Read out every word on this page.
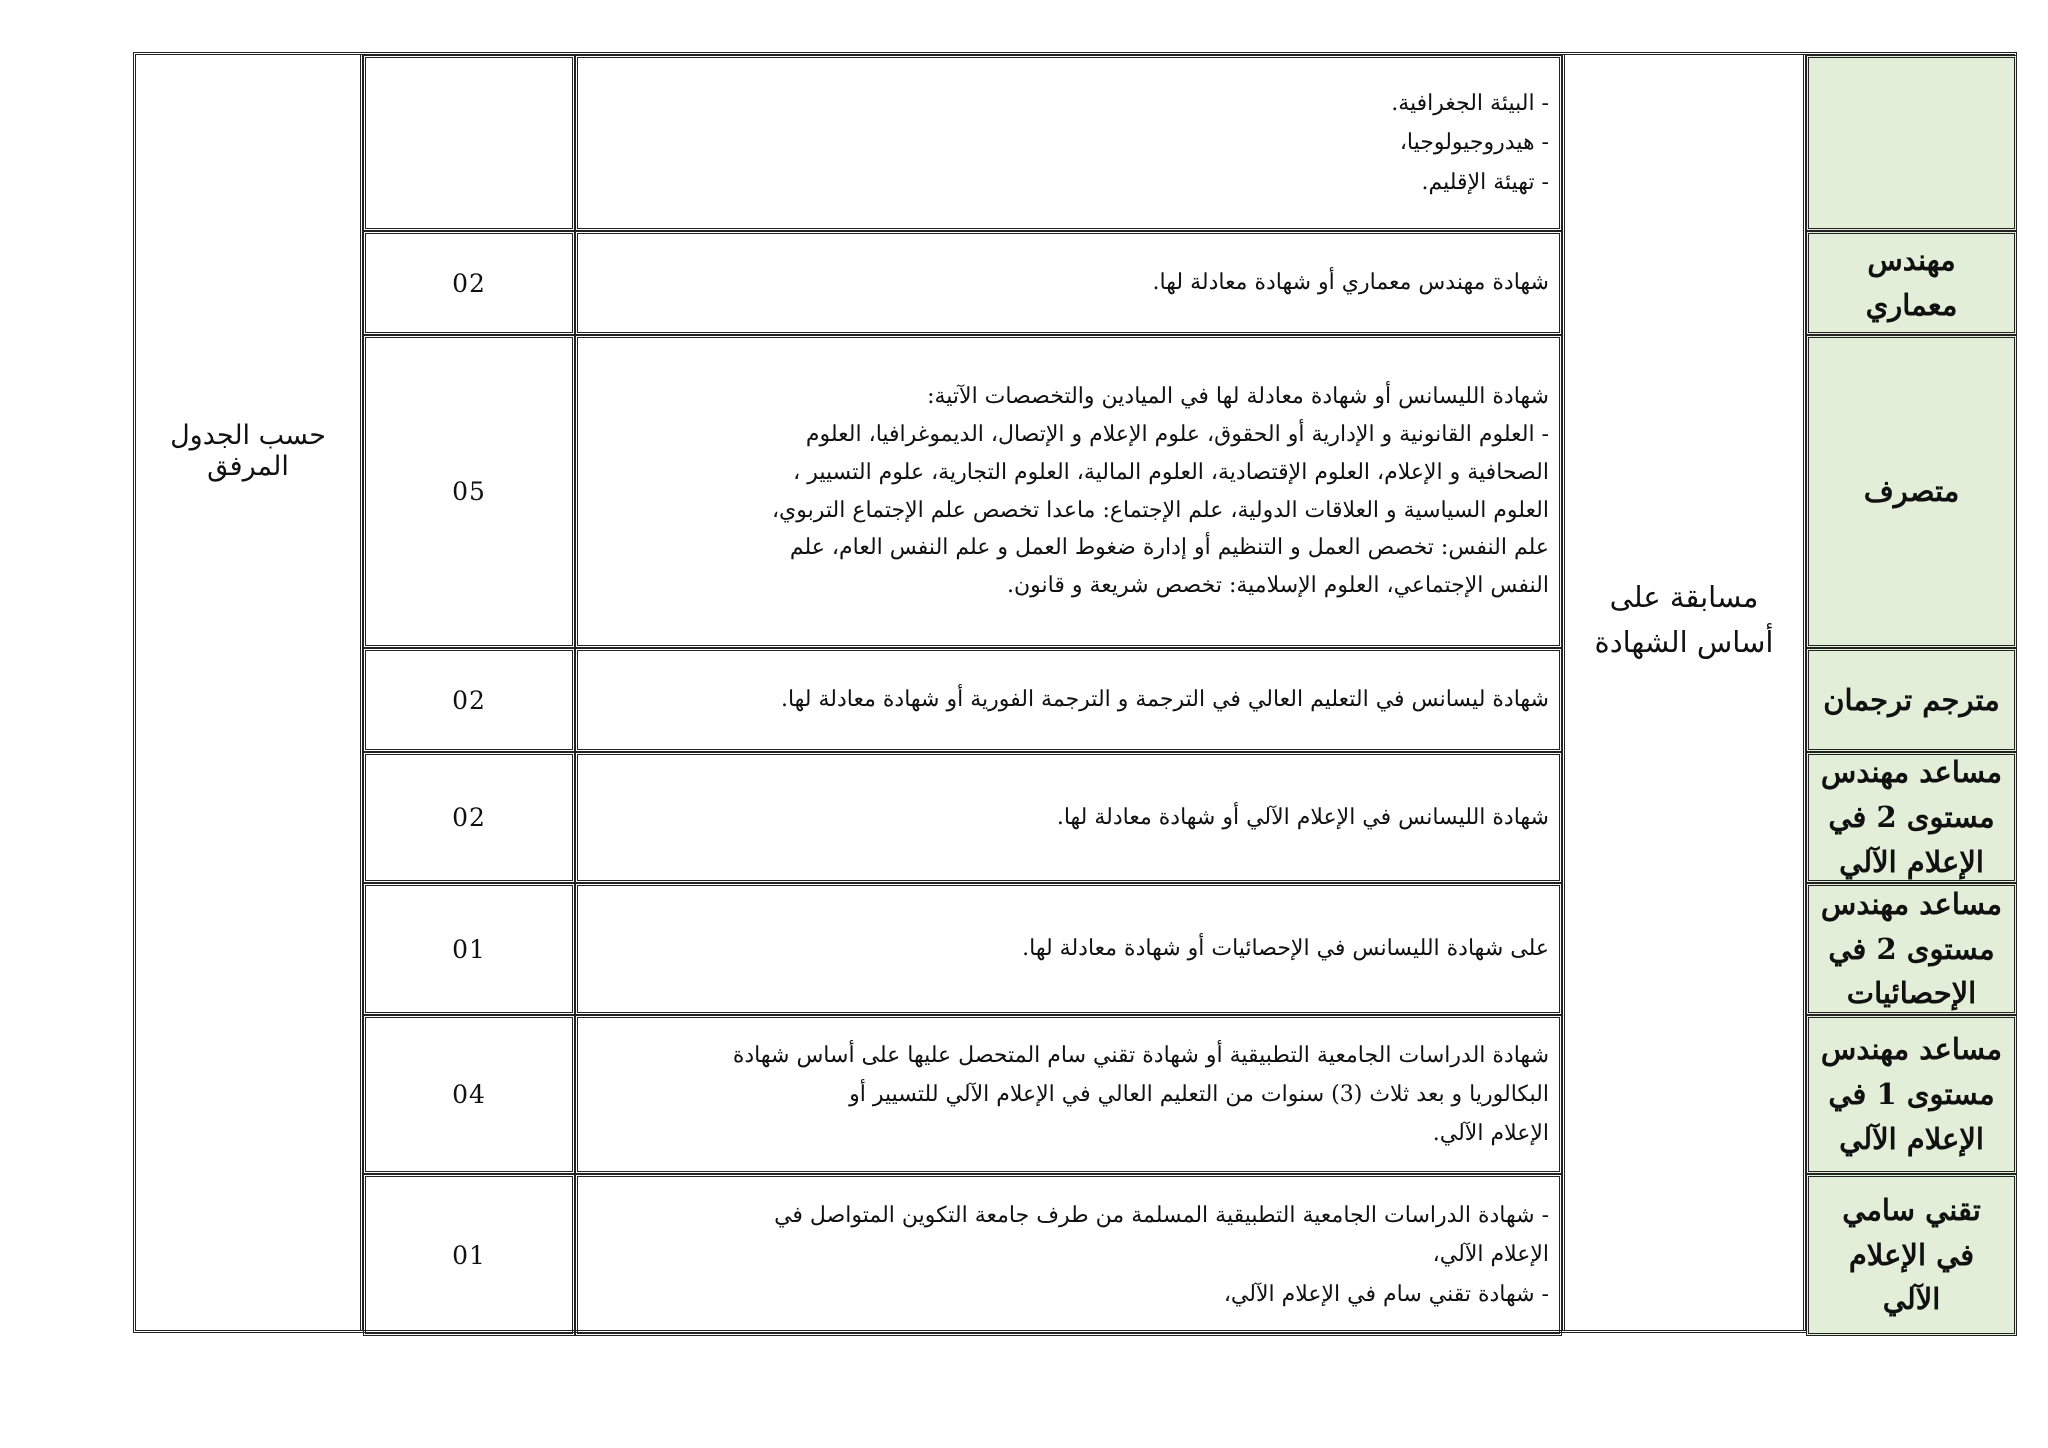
حسب الجدول المرفق
02
05
02
02
01
04
01
- البيئة الجغرافية.
- هيدروجيولوجيا،
- تهيئة الإقليم.
شهادة مهندس معماري أو شهادة معادلة لها.
شهادة الليسانس أو شهادة معادلة لها في الميادين والتخصصات الآتية:
- العلوم القانونية و الإدارية أو الحقوق، علوم الإعلام و الإتصال، الديموغرافيا، العلوم
الصحافية و الإعلام، العلوم الإقتصادية، العلوم المالية، العلوم التجارية، علوم التسيير ،
العلوم السياسية و العلاقات الدولية، علم الإجتماع: ماعدا تخصص علم الإجتماع التربوي،
علم النفس: تخصص العمل و التنظيم أو إدارة ضغوط العمل و علم النفس العام، علم
النفس الإجتماعي، العلوم الإسلامية: تخصص شريعة و قانون.
شهادة ليسانس في التعليم العالي في الترجمة و الترجمة الفورية أو شهادة معادلة لها.
شهادة الليسانس في الإعلام الآلي أو شهادة معادلة لها.
على شهادة الليسانس في الإحصائيات أو شهادة معادلة لها.
شهادة الدراسات الجامعية التطبيقية أو شهادة تقني سام المتحصل عليها على أساس شهادة
البكالوريا و بعد ثلاث (3) سنوات من التعليم العالي في الإعلام الآلي للتسيير أو
الإعلام الآلي.
- شهادة الدراسات الجامعية التطبيقية المسلمة من طرف جامعة التكوين المتواصل في
الإعلام الآلي،
- شهادة تقني سام في الإعلام الآلي،
مسابقة على أساس الشهادة
مهندس معماري
متصرف
مترجم ترجمان
مساعد مهندس مستوى 2 في الإعلام الآلي
مساعد مهندس مستوى 2 في الإحصائيات
مساعد مهندس مستوى 1 في الإعلام الآلي
تقني سامي في الإعلام الآلي
